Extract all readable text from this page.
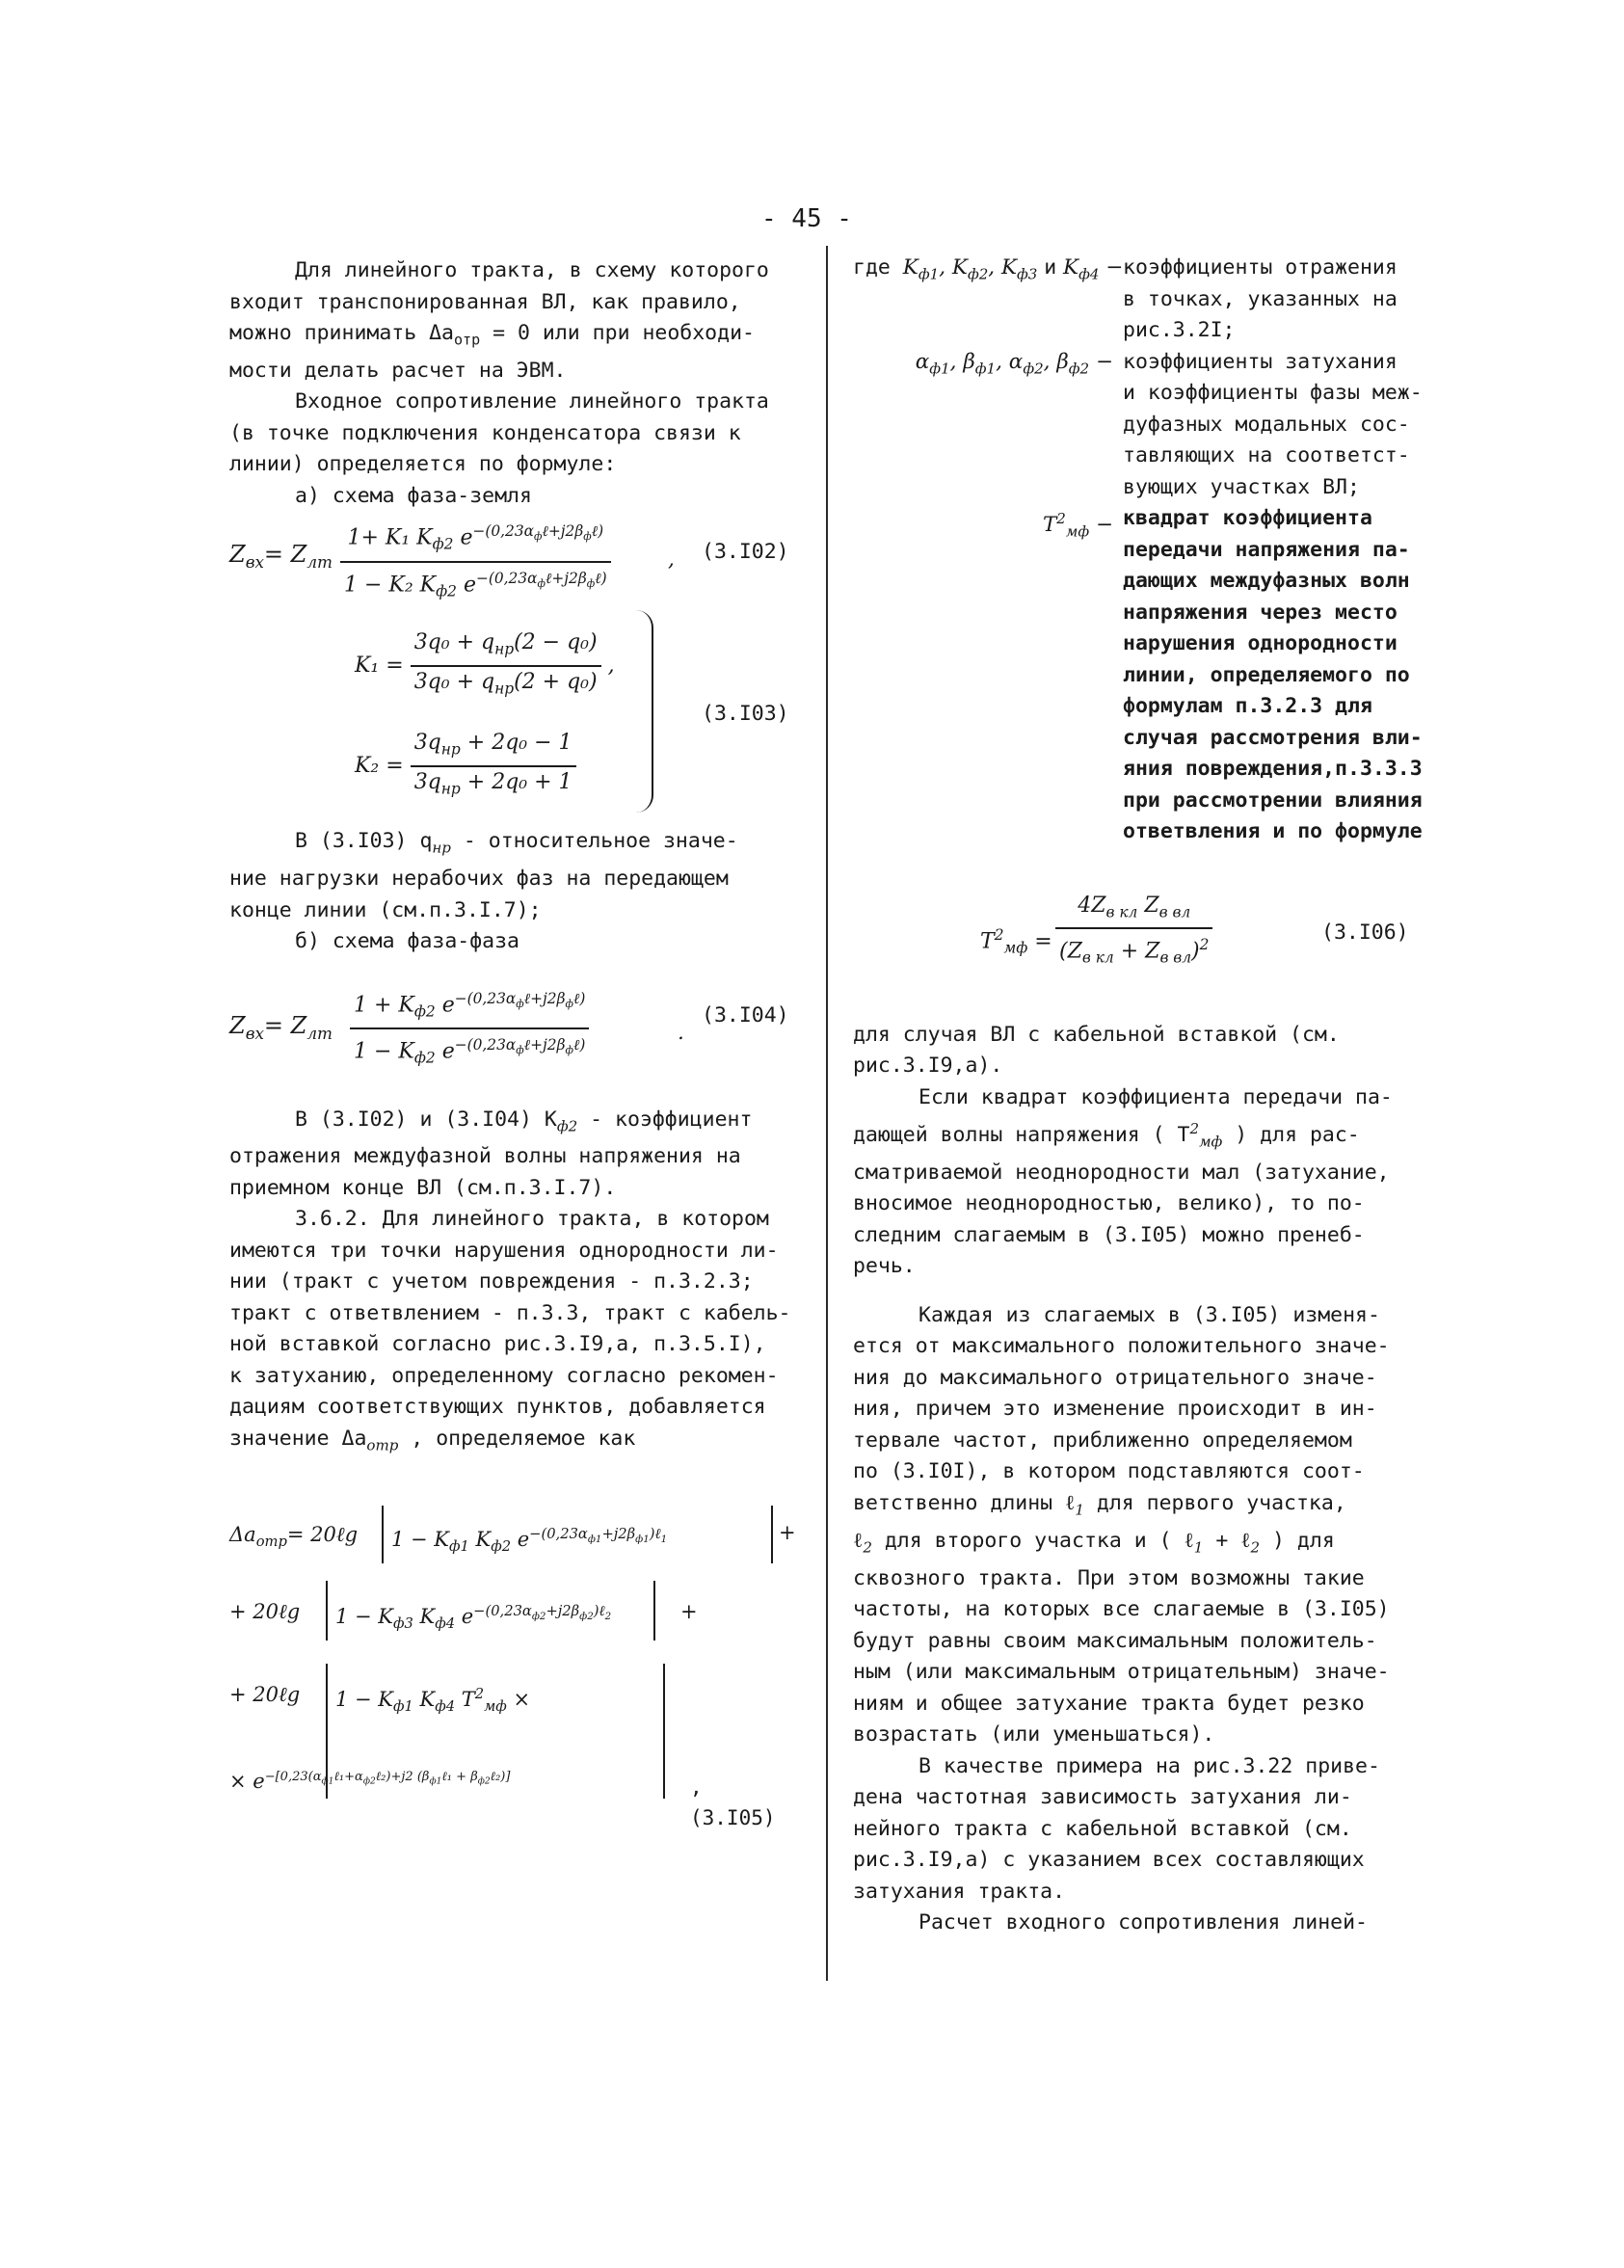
- 45 -
Для линейного тракта, в схему которого
входит транспонированная ВЛ, как правило,
можно принимать $\Delta a_{отр} = 0$ или при необходи-
мости делать расчет на ЭВМ.
Входное сопротивление линейного тракта
(в точке подключения конденсатора связи к
линии) определяется по формуле:
а) схема фаза-земля
$Z_{вх}= Z_{лт}$
1+ K₁ $K_{ф2}$ $e^{-(0,23\alpha_ф\ell+j2\beta_ф\ell)}$
1 − K₂ $K_{ф2}$ $e^{-(0,23\alpha_ф\ell+j2\beta_ф\ell)}$
, (3.I02)
$K_1 = \frac{3q_0 + q_{нр}(2 - q_0)}{3q_0 + q_{нр}(2 + q_0)}$ ,
$K_2 = \frac{3q_{нр} + 2q_0 - 1}{3q_{нр} + 2q_0 + 1}$
(3.I03)
В (3.I03) $q_{нр}$ - относительное значе-
ние нагрузки нерабочих фаз на передающем
конце линии (см.п.3.I.7);
б) схема фаза-фаза
$Z_{вх}= Z_{лт}$
$1 + K_{ф2}$ $e^{-(0,23\alpha_ф\ell+j2\beta_ф\ell)}$
$1 - K_{ф2}$ $e^{-(0,23\alpha_ф\ell+j2\beta_ф\ell)}$
.
(3.I04)
В (3.I02) и (3.I04) $K_{ф2}$ - коэффициент
отражения междуфазной волны напряжения на
приемном конце ВЛ (см.п.3.I.7).
3.6.2. Для линейного тракта, в котором
имеются три точки нарушения однородности ли-
нии (тракт с учетом повреждения - п.3.2.3;
тракт с ответвлением - п.3.3, тракт с кабель-
ной вставкой согласно рис.3.I9,а, п.3.5.I),
к затуханию, определенному согласно рекомен-
дациям соответствующих пунктов, добавляется
значение $\Delta a_{отр}$ , определяемое как
$\Delta a_{отр}=$ 20ℓg $1 - K_{ф1}$ $K_{ф2}$ $e^{-(0,23\alpha_{ф1}+j2\beta_{ф1})\ell_1}$	+
+ 20ℓg $1 - K_{ф3}$ $K_{ф4}$ $e^{-(0,23\alpha_{ф2}+j2\beta_{ф2})\ell_2}$	+
+ 20ℓg $1 - K_{ф1}$ $K_{ф4}$ $T^2_{мф}$ ×
× $e^{-[0,23(\alpha_{ф1}\ell_1+\alpha_{ф2}\ell_2)+j2 (\beta_{ф1}\ell_1 + \beta_{ф2}\ell_2)]}$	, (3.I05)
где $K_{ф1}$, $K_{ф2}$, $K_{ф3}$ и $K_{ф4}$ − коэффициенты отражения
в точках, указанных на
рис.3.2I;
$\alpha_{ф1}$, $\beta_{ф1}$, $\alpha_{ф2}$, $\beta_{ф2}$ − коэффициенты затухания
и коэффициенты фазы меж-
дуфазных модальных сос-
тавляющих на соответст-
вующих участках ВЛ;
$T^2_{мф}$ − квадрат коэффициента
передачи напряжения па-
дающих междуфазных волн
напряжения через место
нарушения однородности
линии, определяемого по
формулам п.3.2.3 для
случая рассмотрения вли-
яния повреждения,п.3.3.3
при рассмотрении влияния
ответвления и по формуле
$T^2_{мф}$ =
$4Z_{в кл}$ $Z_{в вл}$
$(Z_{в кл} + Z_{в вл})^2$
(3.I06)
для случая ВЛ с кабельной вставкой (см.
рис.3.I9,а).
Если квадрат коэффициента передачи па-
дающей волны напряжения ( $T^2_{мф}$ ) для рас-
сматриваемой неоднородности мал (затухание,
вносимое неоднородностью, велико), то по-
следним слагаемым в (3.I05) можно пренеб-
речь.
Каждая из слагаемых в (3.I05) изменя-
ется от максимального положительного значе-
ния до максимального отрицательного значе-
ния, причем это изменение происходит в ин-
тервале частот, приближенно определяемом
по (3.I0I), в котором подставляются соот-
ветственно длины ℓ$_1$ для первого участка,
ℓ$_2$ для второго участка и ( ℓ$_1$ + ℓ$_2$ ) для
сквозного тракта. При этом возможны такие
частоты, на которых все слагаемые в (3.I05)
будут равны своим максимальным положитель-
ным (или максимальным отрицательным) значе-
ниям и общее затухание тракта будет резко
возрастать (или уменьшаться).
В качестве примера на рис.3.22 приве-
дена частотная зависимость затухания ли-
нейного тракта с кабельной вставкой (см.
рис.3.I9,а) с указанием всех составляющих
затухания тракта.
Расчет входного сопротивления линей-
